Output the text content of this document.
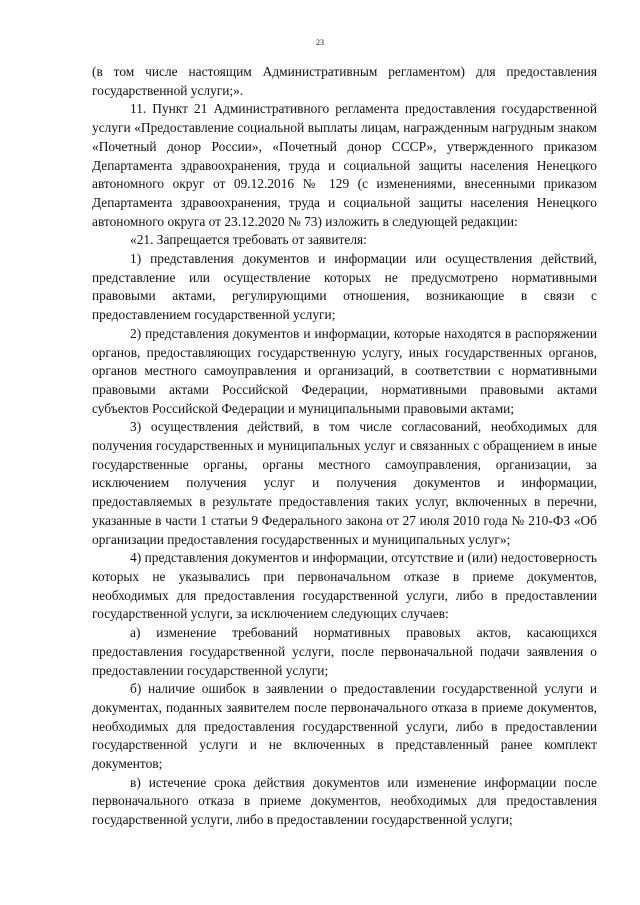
23

(в том числе настоящим Административным регламентом) для предоставления государственной услуги;».

11. Пункт 21 Административного регламента предоставления государственной услуги «Предоставление социальной выплаты лицам, награжденным нагрудным знаком «Почетный донор России», «Почетный донор СССР», утвержденного приказом Департамента здравоохранения, труда и социальной защиты населения Ненецкого автономного округ от 09.12.2016 № 129 (с изменениями, внесенными приказом Департамента здравоохранения, труда и социальной защиты населения Ненецкого автономного округа от 23.12.2020 № 73) изложить в следующей редакции:

«21. Запрещается требовать от заявителя:

1) представления документов и информации или осуществления действий, представление или осуществление которых не предусмотрено нормативными правовыми актами, регулирующими отношения, возникающие в связи с предоставлением государственной услуги;

2) представления документов и информации, которые находятся в распоряжении органов, предоставляющих государственную услугу, иных государственных органов, органов местного самоуправления и организаций, в соответствии с нормативными правовыми актами Российской Федерации, нормативными правовыми актами субъектов Российской Федерации и муниципальными правовыми актами;

3) осуществления действий, в том числе согласований, необходимых для получения государственных и муниципальных услуг и связанных с обращением в иные государственные органы, органы местного самоуправления, организации, за исключением получения услуг и получения документов и информации, предоставляемых в результате предоставления таких услуг, включенных в перечни, указанные в части 1 статьи 9 Федерального закона от 27 июля 2010 года № 210-ФЗ «Об организации предоставления государственных и муниципальных услуг»;

4) представления документов и информации, отсутствие и (или) недостоверность которых не указывались при первоначальном отказе в приеме документов, необходимых для предоставления государственной услуги, либо в предоставлении государственной услуги, за исключением следующих случаев:

а) изменение требований нормативных правовых актов, касающихся предоставления государственной услуги, после первоначальной подачи заявления о предоставлении государственной услуги;

б) наличие ошибок в заявлении о предоставлении государственной услуги и документах, поданных заявителем после первоначального отказа в приеме документов, необходимых для предоставления государственной услуги, либо в предоставлении государственной услуги и не включенных в представленный ранее комплект документов;

в) истечение срока действия документов или изменение информации после первоначального отказа в приеме документов, необходимых для предоставления государственной услуги, либо в предоставлении государственной услуги;
